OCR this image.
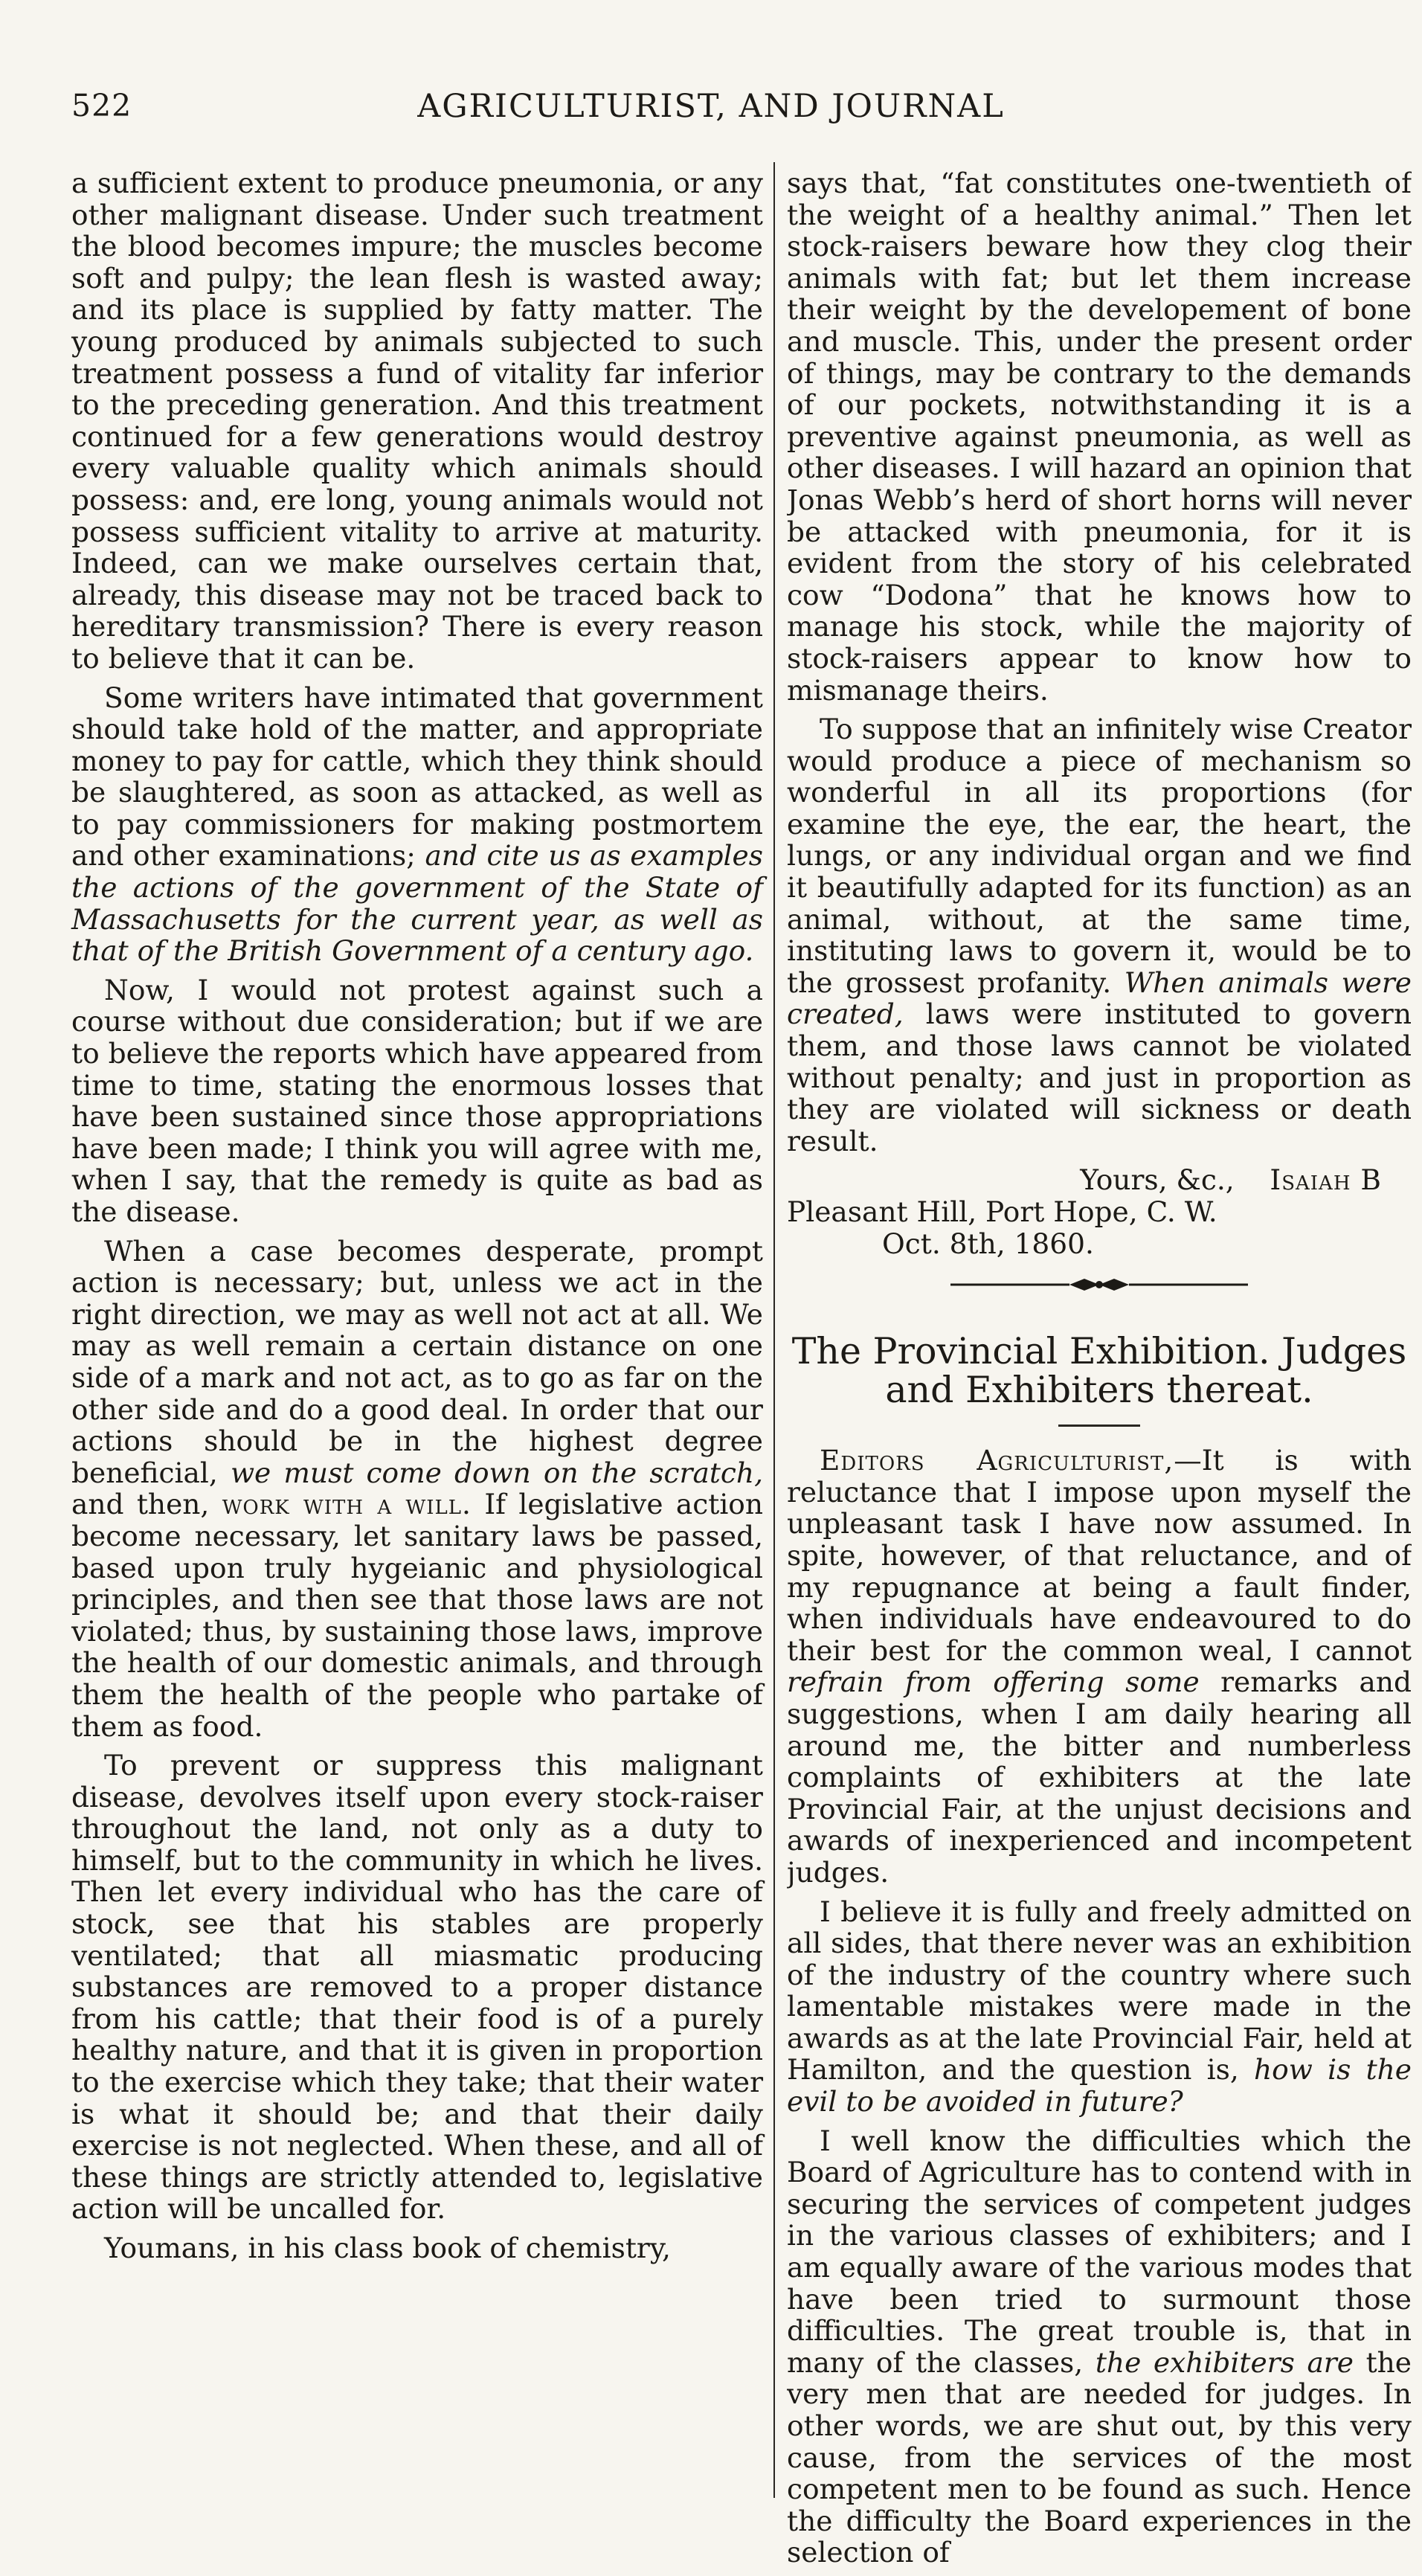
522	AGRICULTURIST, AND JOURNAL

a sufficient extent to produce pneumonia, or any other malignant disease. Under such treatment the blood becomes impure; the muscles become soft and pulpy; the lean flesh is wasted away; and its place is supplied by fatty matter. The young produced by animals subjected to such treatment possess a fund of vitality far inferior to the preceding generation. And this treatment continued for a few generations would destroy every valuable quality which animals should possess: and, ere long, young animals would not possess sufficient vitality to arrive at maturity. Indeed, can we make ourselves certain that, already, this disease may not be traced back to hereditary transmission? There is every reason to believe that it can be.

Some writers have intimated that government should take hold of the matter, and appropriate money to pay for cattle, which they think should be slaughtered, as soon as attacked, as well as to pay commissioners for making postmortem and other examinations; and cite us as examples the actions of the government of the State of Massachusetts for the current year, as well as that of the British Government of a century ago.

Now, I would not protest against such a course without due consideration; but if we are to believe the reports which have appeared from time to time, stating the enormous losses that have been sustained since those appropriations have been made; I think you will agree with me, when I say, that the remedy is quite as bad as the disease.

When a case becomes desperate, prompt action is necessary; but, unless we act in the right direction, we may as well not act at all. We may as well remain a certain distance on one side of a mark and not act, as to go as far on the other side and do a good deal. In order that our actions should be in the highest degree beneficial, we must come down on the scratch, and then, work with a will. If legislative action become necessary, let sanitary laws be passed, based upon truly hygeianic and physiological principles, and then see that those laws are not violated; thus, by sustaining those laws, improve the health of our domestic animals, and through them the health of the people who partake of them as food.

To prevent or suppress this malignant disease, devolves itself upon every stock-raiser throughout the land, not only as a duty to himself, but to the community in which he lives. Then let every individual who has the care of stock, see that his stables are properly ventilated; that all miasmatic producing substances are removed to a proper distance from his cattle; that their food is of a purely healthy nature, and that it is given in proportion to the exercise which they take; that their water is what it should be; and that their daily exercise is not neglected. When these, and all of these things are strictly attended to, legislative action will be uncalled for.

Youmans, in his class book of chemistry,

says that, “fat constitutes one-twentieth of the weight of a healthy animal.” Then let stock-raisers beware how they clog their animals with fat; but let them increase their weight by the developement of bone and muscle. This, under the present order of things, may be contrary to the demands of our pockets, notwithstanding it is a preventive against pneumonia, as well as other diseases. I will hazard an opinion that Jonas Webb’s herd of short horns will never be attacked with pneumonia, for it is evident from the story of his celebrated cow “Dodona” that he knows how to manage his stock, while the majority of stock-raisers appear to know how to mismanage theirs.

To suppose that an infinitely wise Creator would produce a piece of mechanism so wonderful in all its proportions (for examine the eye, the ear, the heart, the lungs, or any individual organ and we find it beautifully adapted for its function) as an animal, without, at the same time, instituting laws to govern it, would be to the grossest profanity. When animals were created, laws were instituted to govern them, and those laws cannot be violated without penalty; and just in proportion as they are violated will sickness or death result.

Yours, &c., Isaiah B

Pleasant Hill, Port Hope, C. W.

Oct. 8th, 1860.

The Provincial Exhibition. Judges and Exhibiters thereat.

Editors Agriculturist,—It is with reluctance that I impose upon myself the unpleasant task I have now assumed. In spite, however, of that reluctance, and of my repugnance at being a fault finder, when individuals have endeavoured to do their best for the common weal, I cannot refrain from offering some remarks and suggestions, when I am daily hearing all around me, the bitter and numberless complaints of exhibiters at the late Provincial Fair, at the unjust decisions and awards of inexperienced and incompetent judges.

I believe it is fully and freely admitted on all sides, that there never was an exhibition of the industry of the country where such lamentable mistakes were made in the awards as at the late Provincial Fair, held at Hamilton, and the question is, how is the evil to be avoided in future?

I well know the difficulties which the Board of Agriculture has to contend with in securing the services of competent judges in the various classes of exhibiters; and I am equally aware of the various modes that have been tried to surmount those difficulties. The great trouble is, that in many of the classes, the exhibiters are the very men that are needed for judges. In other words, we are shut out, by this very cause, from the services of the most competent men to be found as such. Hence the difficulty the Board experiences in the selection of
